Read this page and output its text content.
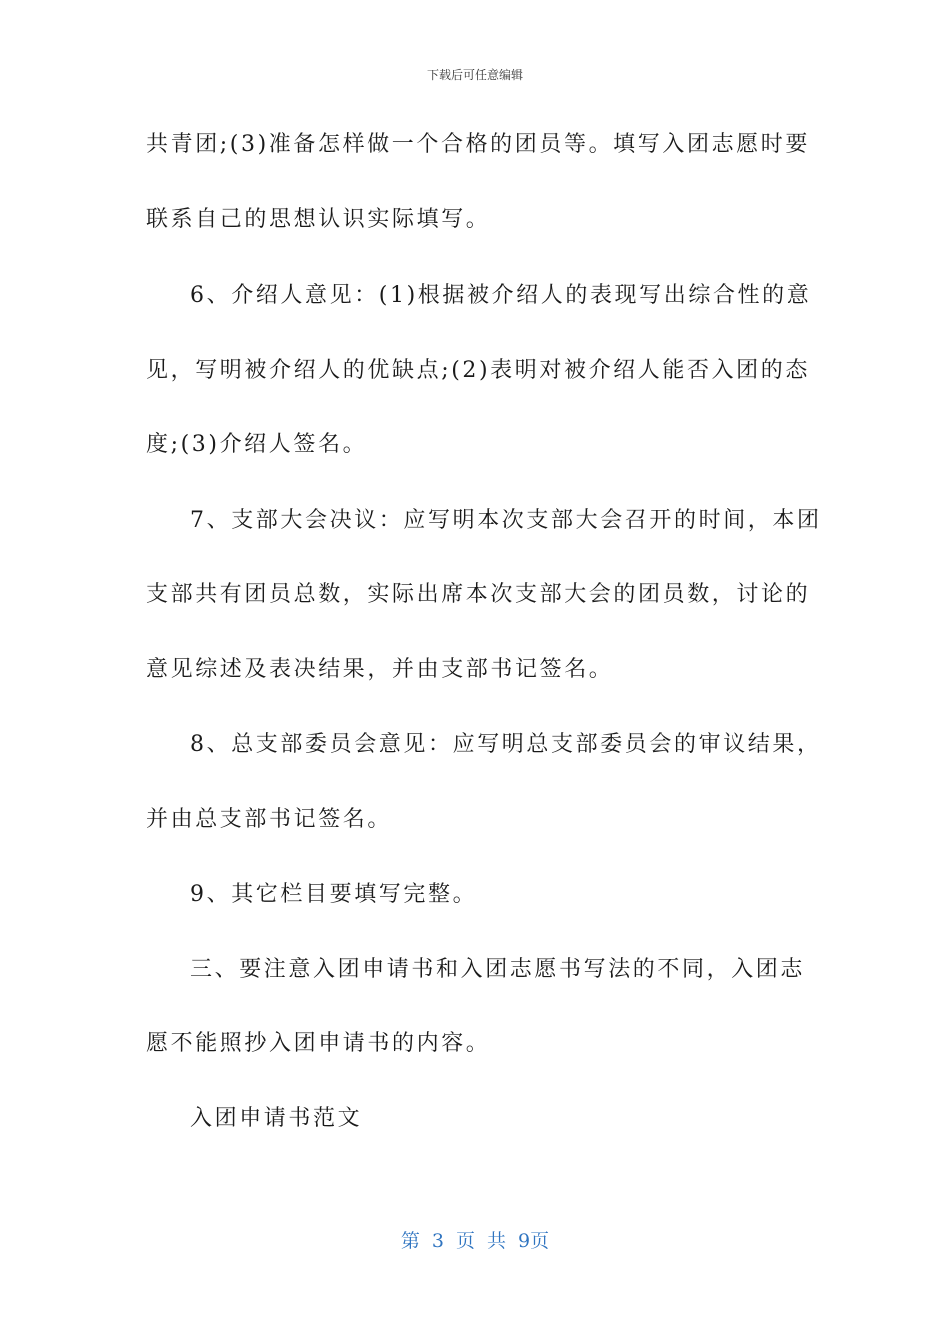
下载后可任意编辑
共青团;(3)准备怎样做一个合格的团员等。填写入团志愿时要
联系自己的思想认识实际填写。
6、介绍人意见：(1)根据被介绍人的表现写出综合性的意
见，写明被介绍人的优缺点;(2)表明对被介绍人能否入团的态
度;(3)介绍人签名。
7、支部大会决议：应写明本次支部大会召开的时间，本团
支部共有团员总数，实际出席本次支部大会的团员数，讨论的
意见综述及表决结果，并由支部书记签名。
8、总支部委员会意见：应写明总支部委员会的审议结果，
并由总支部书记签名。
9、其它栏目要填写完整。
三、要注意入团申请书和入团志愿书写法的不同，入团志
愿不能照抄入团申请书的内容。
入团申请书范文
第 3 页 共 9页
